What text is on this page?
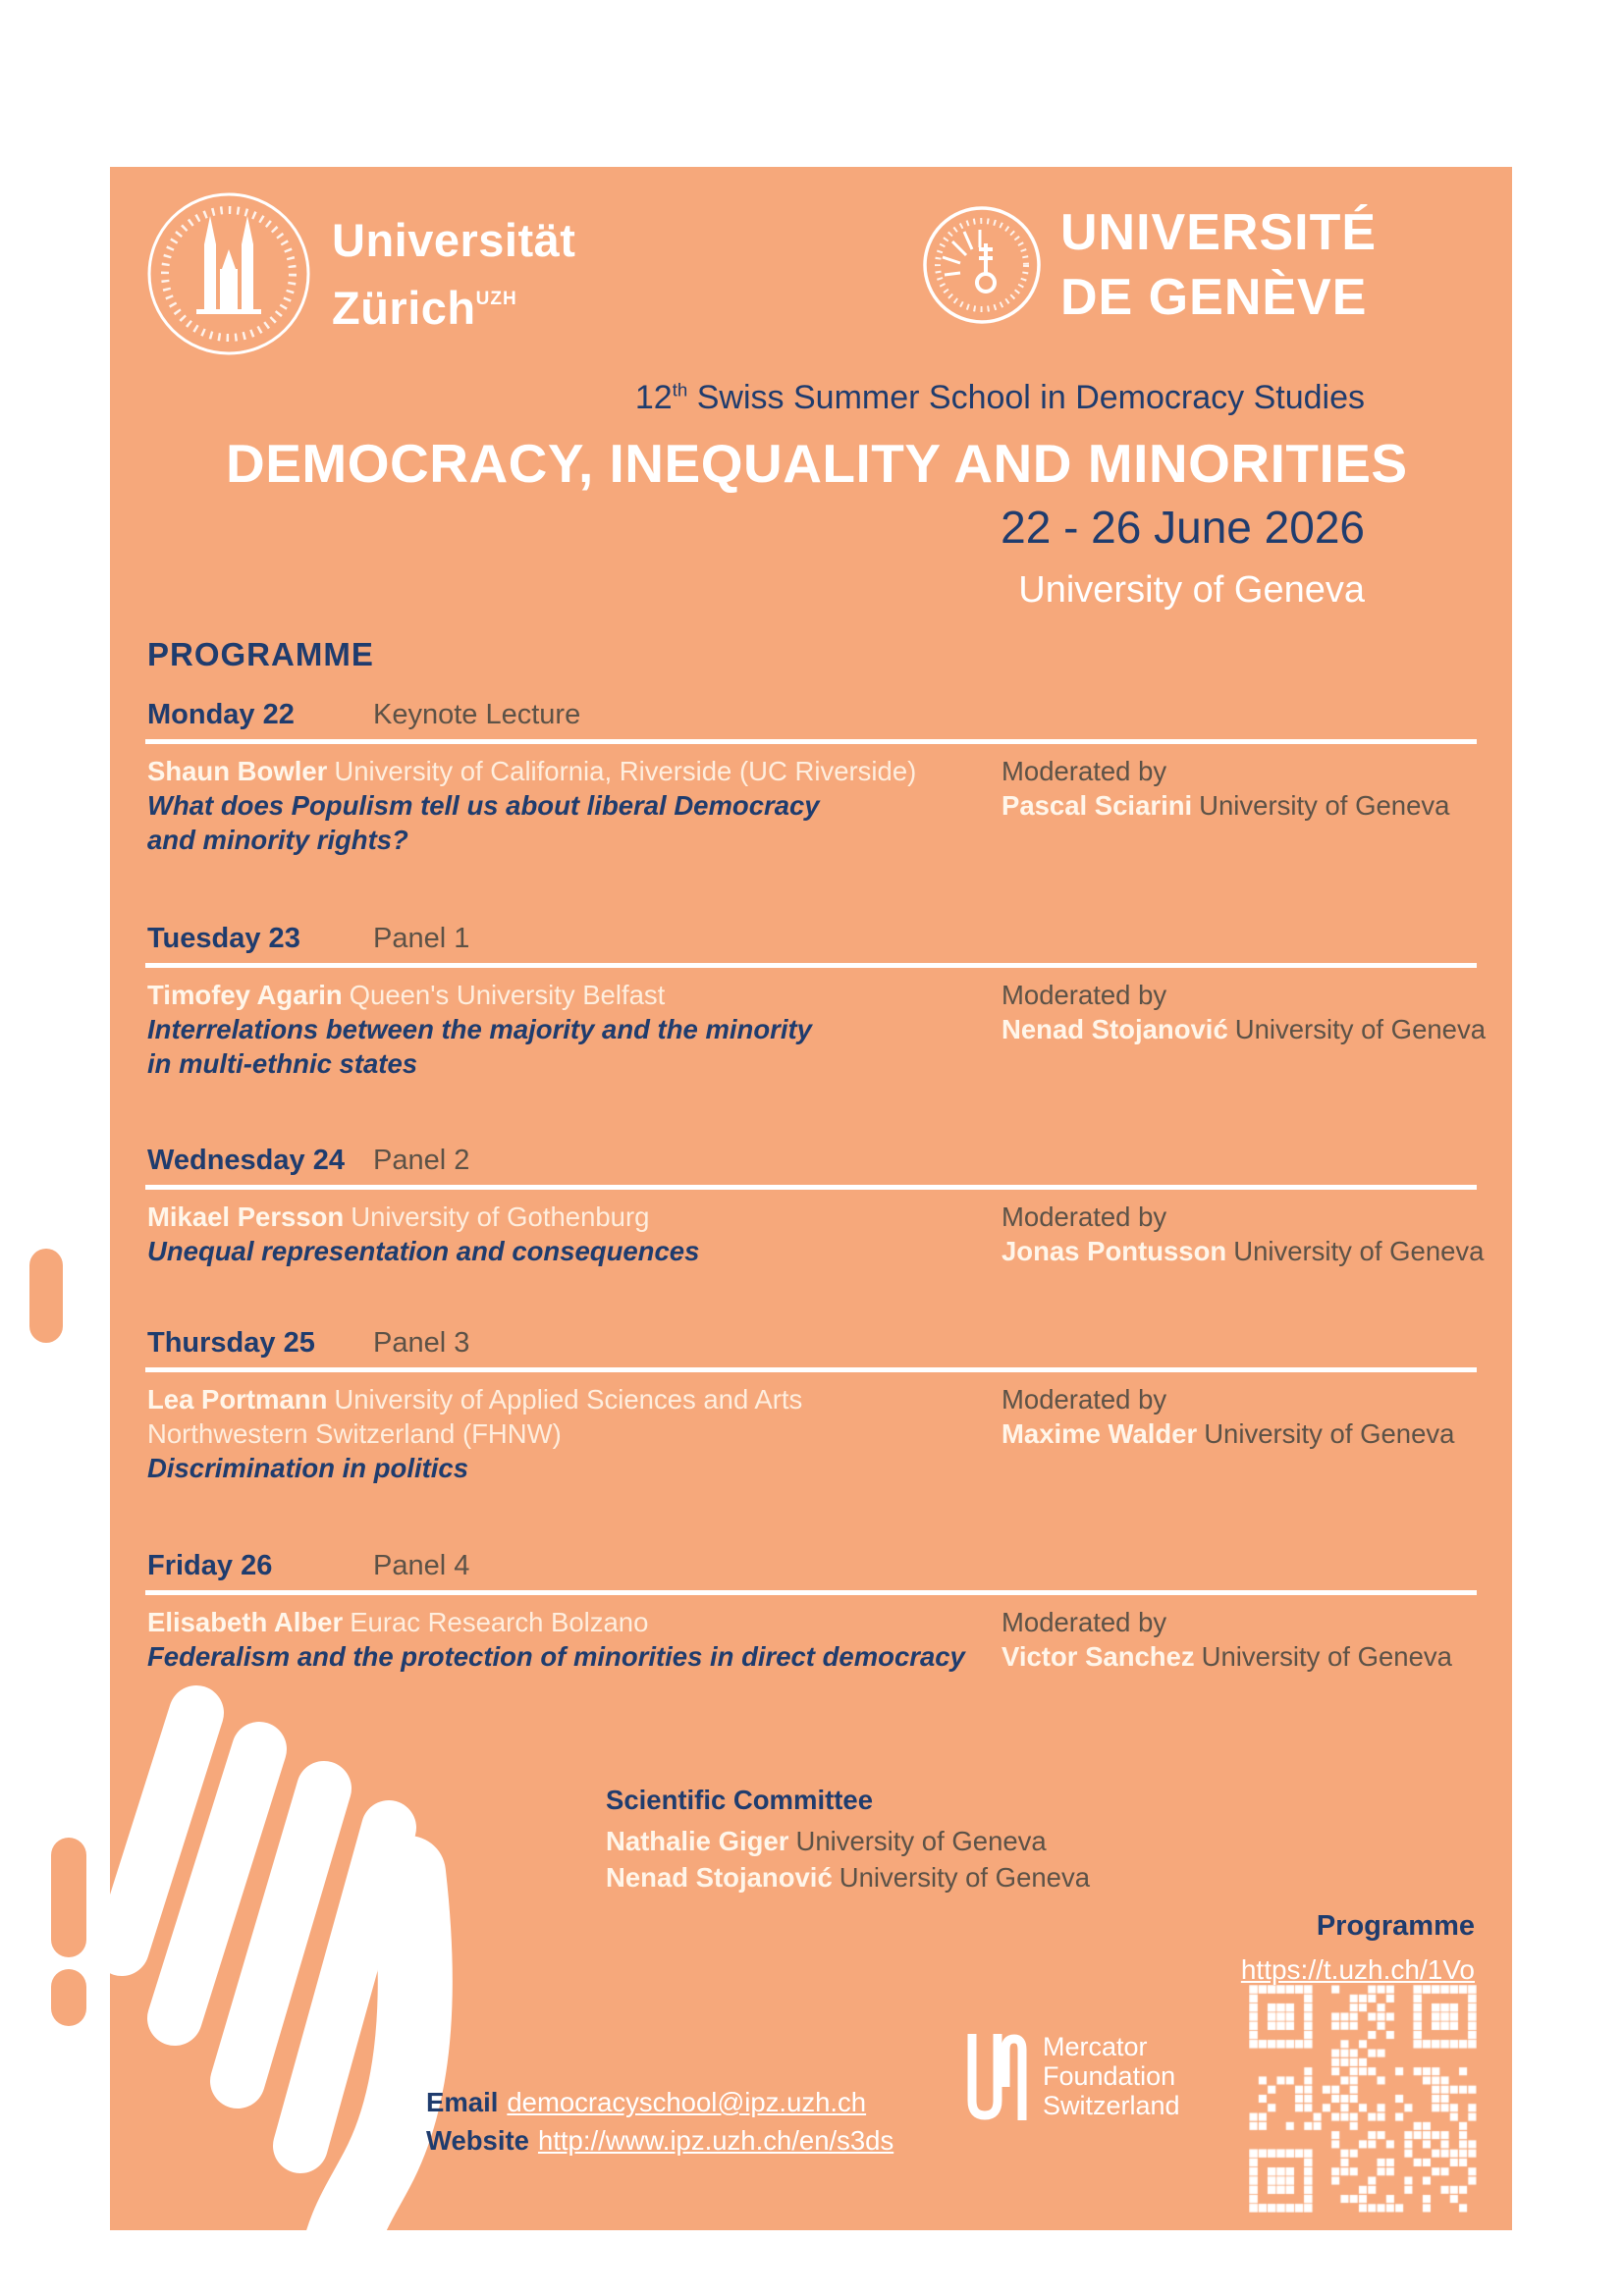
Universität
Zürich$^{UZH}$
UNIVERSITÉ
DE GENÈVE
12th Swiss Summer School in Democracy Studies
DEMOCRACY, INEQUALITY AND MINORITIES
22 - 26 June 2026
University of Geneva
PROGRAMME
Monday 22	Keynote Lecture
Shaun Bowler University of California, Riverside (UC Riverside)
What does Populism tell us about liberal Democracy
and minority rights?
Moderated by
Pascal Sciarini University of Geneva
Tuesday 23	Panel 1
Timofey Agarin Queen's University Belfast
Interrelations between the majority and the minority
in multi-ethnic states
Moderated by
Nenad Stojanović University of Geneva
Wednesday 24	Panel 2
Mikael Persson University of Gothenburg
Unequal representation and consequences
Moderated by
Jonas Pontusson University of Geneva
Thursday 25	Panel 3
Lea Portmann University of Applied Sciences and Arts
Northwestern Switzerland (FHNW)
Discrimination in politics
Moderated by
Maxime Walder University of Geneva
Friday 26	Panel 4
Elisabeth Alber Eurac Research Bolzano
Federalism and the protection of minorities in direct democracy
Moderated by
Victor Sanchez University of Geneva
Scientific Committee
Nathalie Giger University of Geneva
Nenad Stojanović University of Geneva
Programme
https://t.uzh.ch/1Vo
Mercator
Foundation
Switzerland
Email democracyschool@ipz.uzh.ch
Website http://www.ipz.uzh.ch/en/s3ds
